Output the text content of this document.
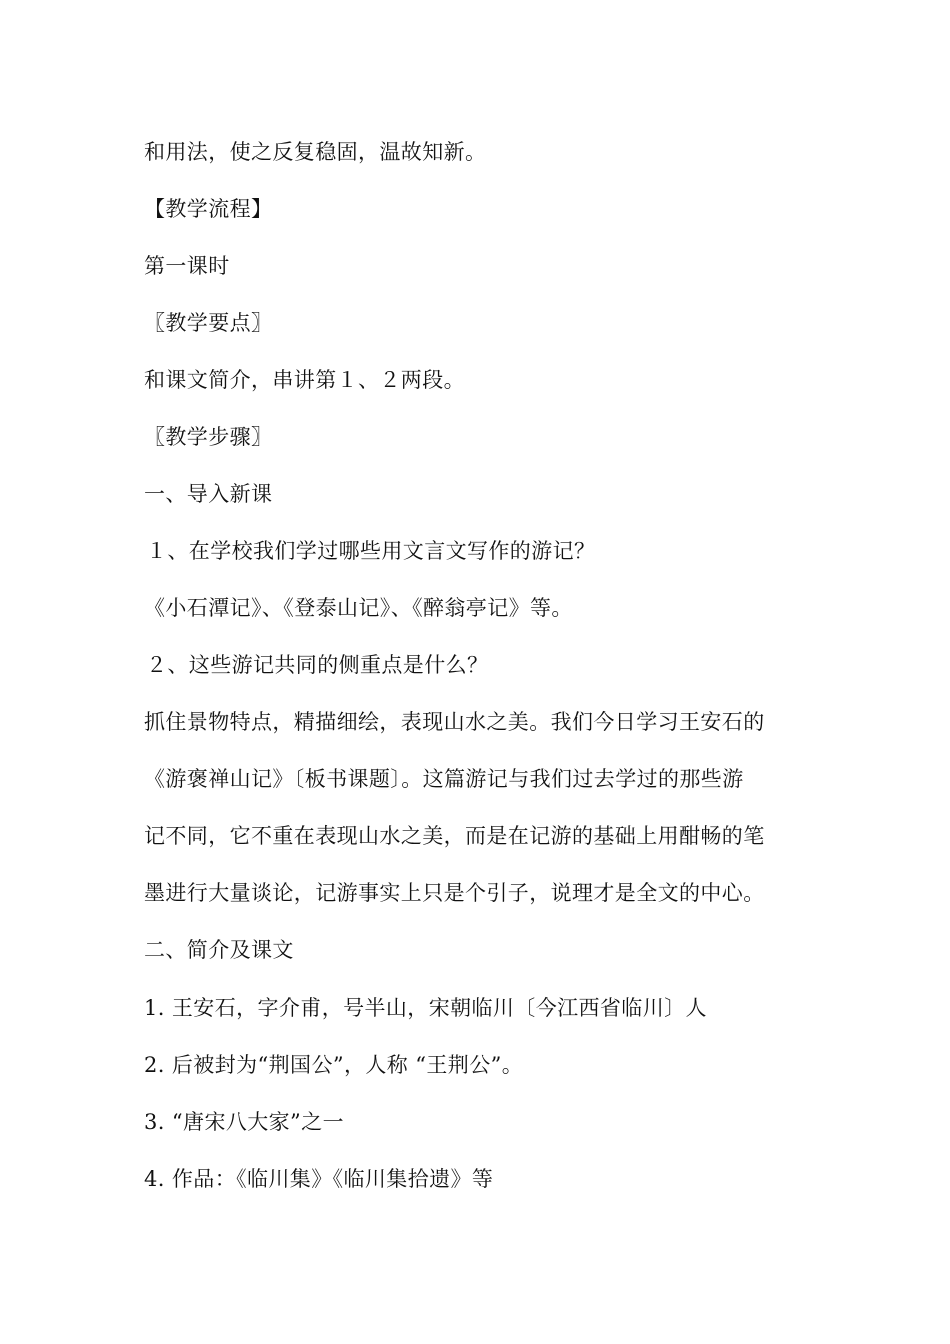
和用法，使之反复稳固，温故知新。
【教学流程】
第一课时
〖教学要点〗
和课文简介，串讲第１、２两段。
〖教学步骤〗
一、导入新课
１、在学校我们学过哪些用文言文写作的游记？
《小石潭记》、《登泰山记》、《醉翁亭记》等。
２、这些游记共同的侧重点是什么？
抓住景物特点，精描细绘，表现山水之美。我们今日学习王安石的
《游褒禅山记》〔板书课题〕。这篇游记与我们过去学过的那些游
记不同，它不重在表现山水之美，而是在记游的基础上用酣畅的笔
墨进行大量谈论，记游事实上只是个引子，说理才是全文的中心。
二、简介及课文
1. 王安石，字介甫，号半山，宋朝临川〔今江西省临川〕人
2. 后被封为“荆国公”，人称 “王荆公”。
3. “唐宋八大家”之一
4. 作品：《临川集》《临川集拾遗》等
